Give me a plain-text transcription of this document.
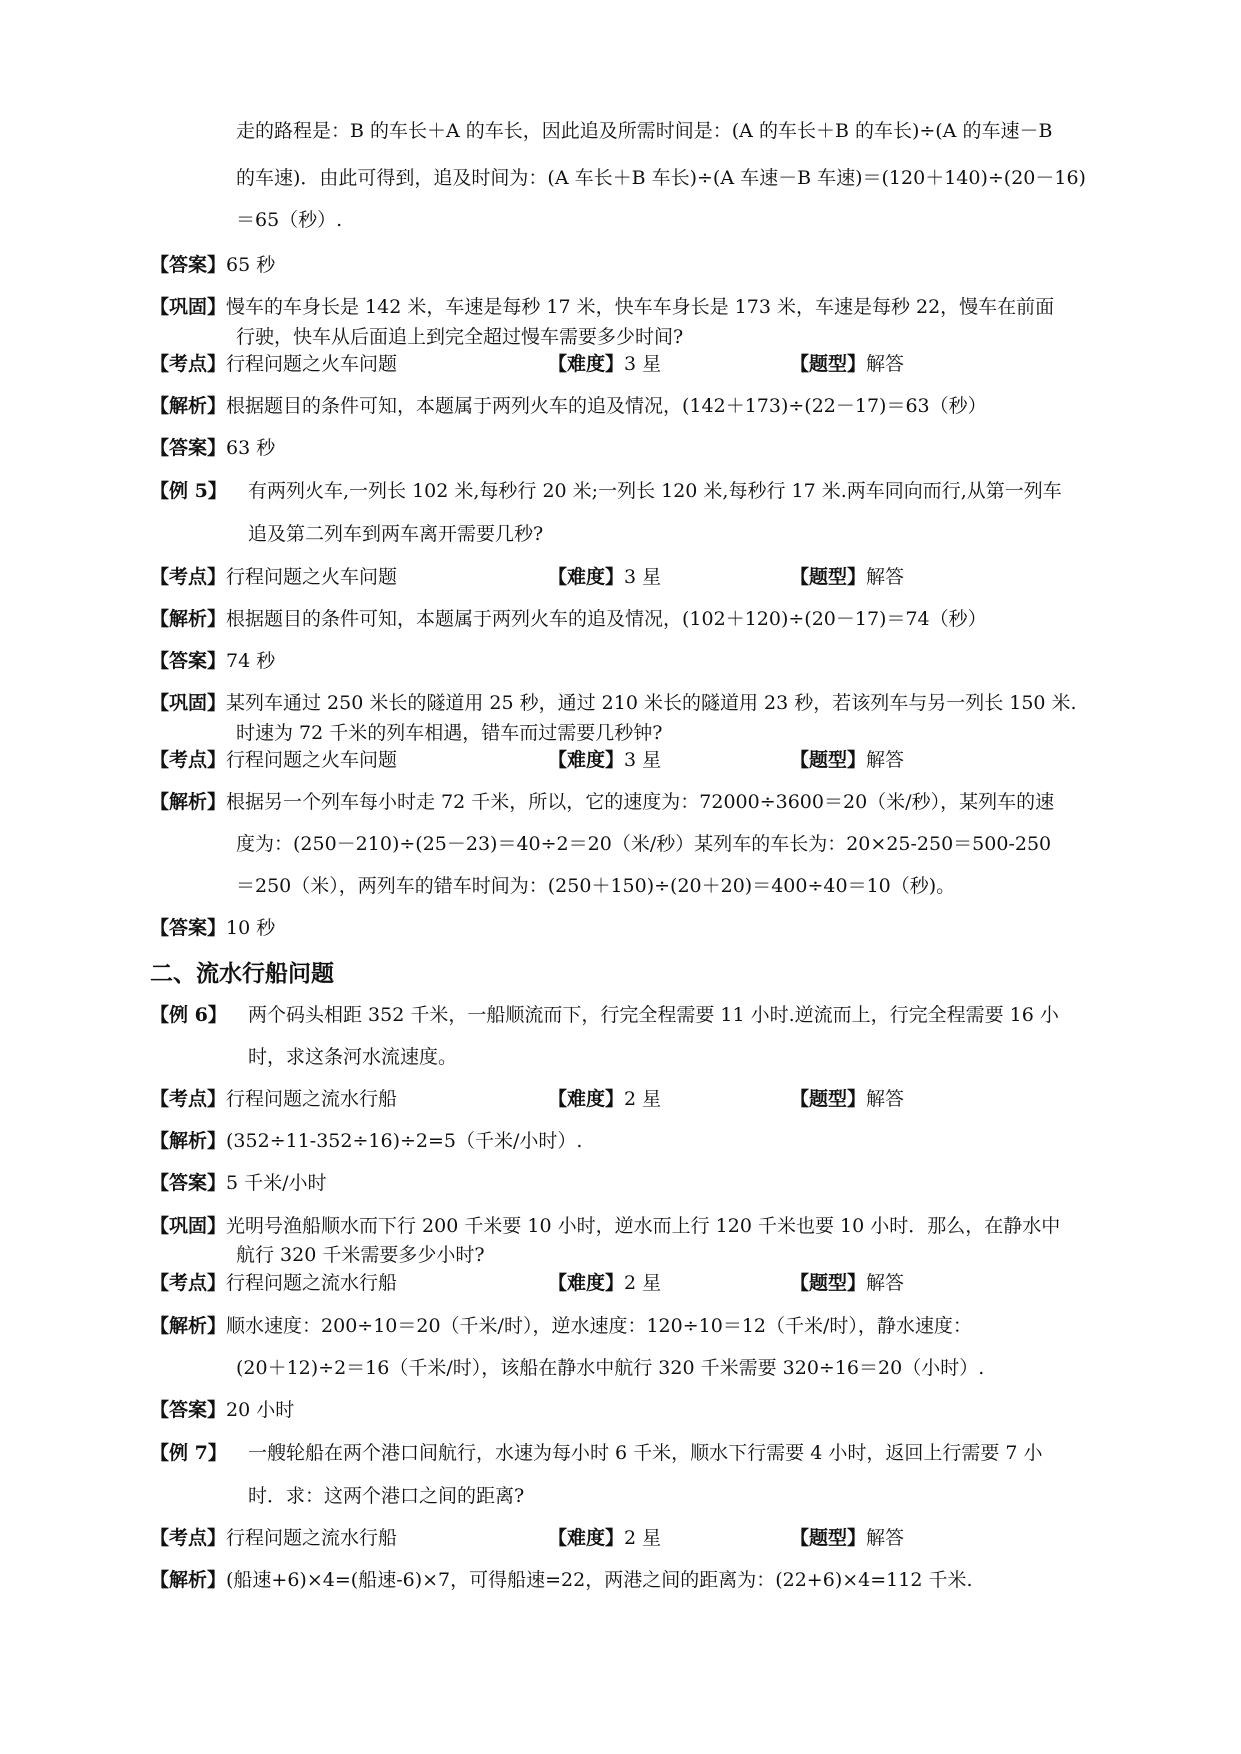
走的路程是：B 的车长＋A 的车长，因此追及所需时间是：(A 的车长＋B 的车长)÷(A 的车速－B
的车速)．由此可得到，追及时间为：(A 车长＋B 车长)÷(A 车速－B 车速)＝(120＋140)÷(20－16)
＝65（秒）.
【答案】65 秒
【巩固】慢车的车身长是 142 米，车速是每秒 17 米，快车车身长是 173 米，车速是每秒 22，慢车在前面
行驶，快车从后面追上到完全超过慢车需要多少时间?
【考点】行程问题之火车问题	【难度】3 星	【题型】解答
【解析】根据题目的条件可知，本题属于两列火车的追及情况，(142＋173)÷(22－17)＝63（秒）
【答案】63 秒
【例 5】 有两列火车,一列长 102 米,每秒行 20 米;一列长 120 米,每秒行 17 米.两车同向而行,从第一列车
追及第二列车到两车离开需要几秒?
【考点】行程问题之火车问题	【难度】3 星	【题型】解答
【解析】根据题目的条件可知，本题属于两列火车的追及情况，(102＋120)÷(20－17)＝74（秒）
【答案】74 秒
【巩固】某列车通过 250 米长的隧道用 25 秒，通过 210 米长的隧道用 23 秒，若该列车与另一列长 150 米.
时速为 72 千米的列车相遇，错车而过需要几秒钟?
【考点】行程问题之火车问题	【难度】3 星	【题型】解答
【解析】根据另一个列车每小时走 72 千米，所以，它的速度为：72000÷3600＝20（米/秒），某列车的速
度为：(250－210)÷(25－23)＝40÷2＝20（米/秒）某列车的车长为：20×25-250＝500-250
＝250（米），两列车的错车时间为：(250＋150)÷(20＋20)＝400÷40＝10（秒)。
【答案】10 秒
二、流水行船问题
【例 6】 两个码头相距 352 千米，一船顺流而下，行完全程需要 11 小时.逆流而上，行完全程需要 16 小
时，求这条河水流速度。
【考点】行程问题之流水行船	【难度】2 星	【题型】解答
【解析】(352÷11-352÷16)÷2=5（千米/小时）.
【答案】5 千米/小时
【巩固】光明号渔船顺水而下行 200 千米要 10 小时，逆水而上行 120 千米也要 10 小时．那么，在静水中
航行 320 千米需要多少小时?
【考点】行程问题之流水行船	【难度】2 星	【题型】解答
【解析】顺水速度：200÷10＝20（千米/时），逆水速度：120÷10＝12（千米/时），静水速度：
(20＋12)÷2＝16（千米/时），该船在静水中航行 320 千米需要 320÷16＝20（小时）.
【答案】20 小时
【例 7】 一艘轮船在两个港口间航行，水速为每小时 6 千米，顺水下行需要 4 小时，返回上行需要 7 小
时．求：这两个港口之间的距离?
【考点】行程问题之流水行船	【难度】2 星	【题型】解答
【解析】(船速+6)×4=(船速-6)×7，可得船速=22，两港之间的距离为：(22+6)×4=112 千米.
